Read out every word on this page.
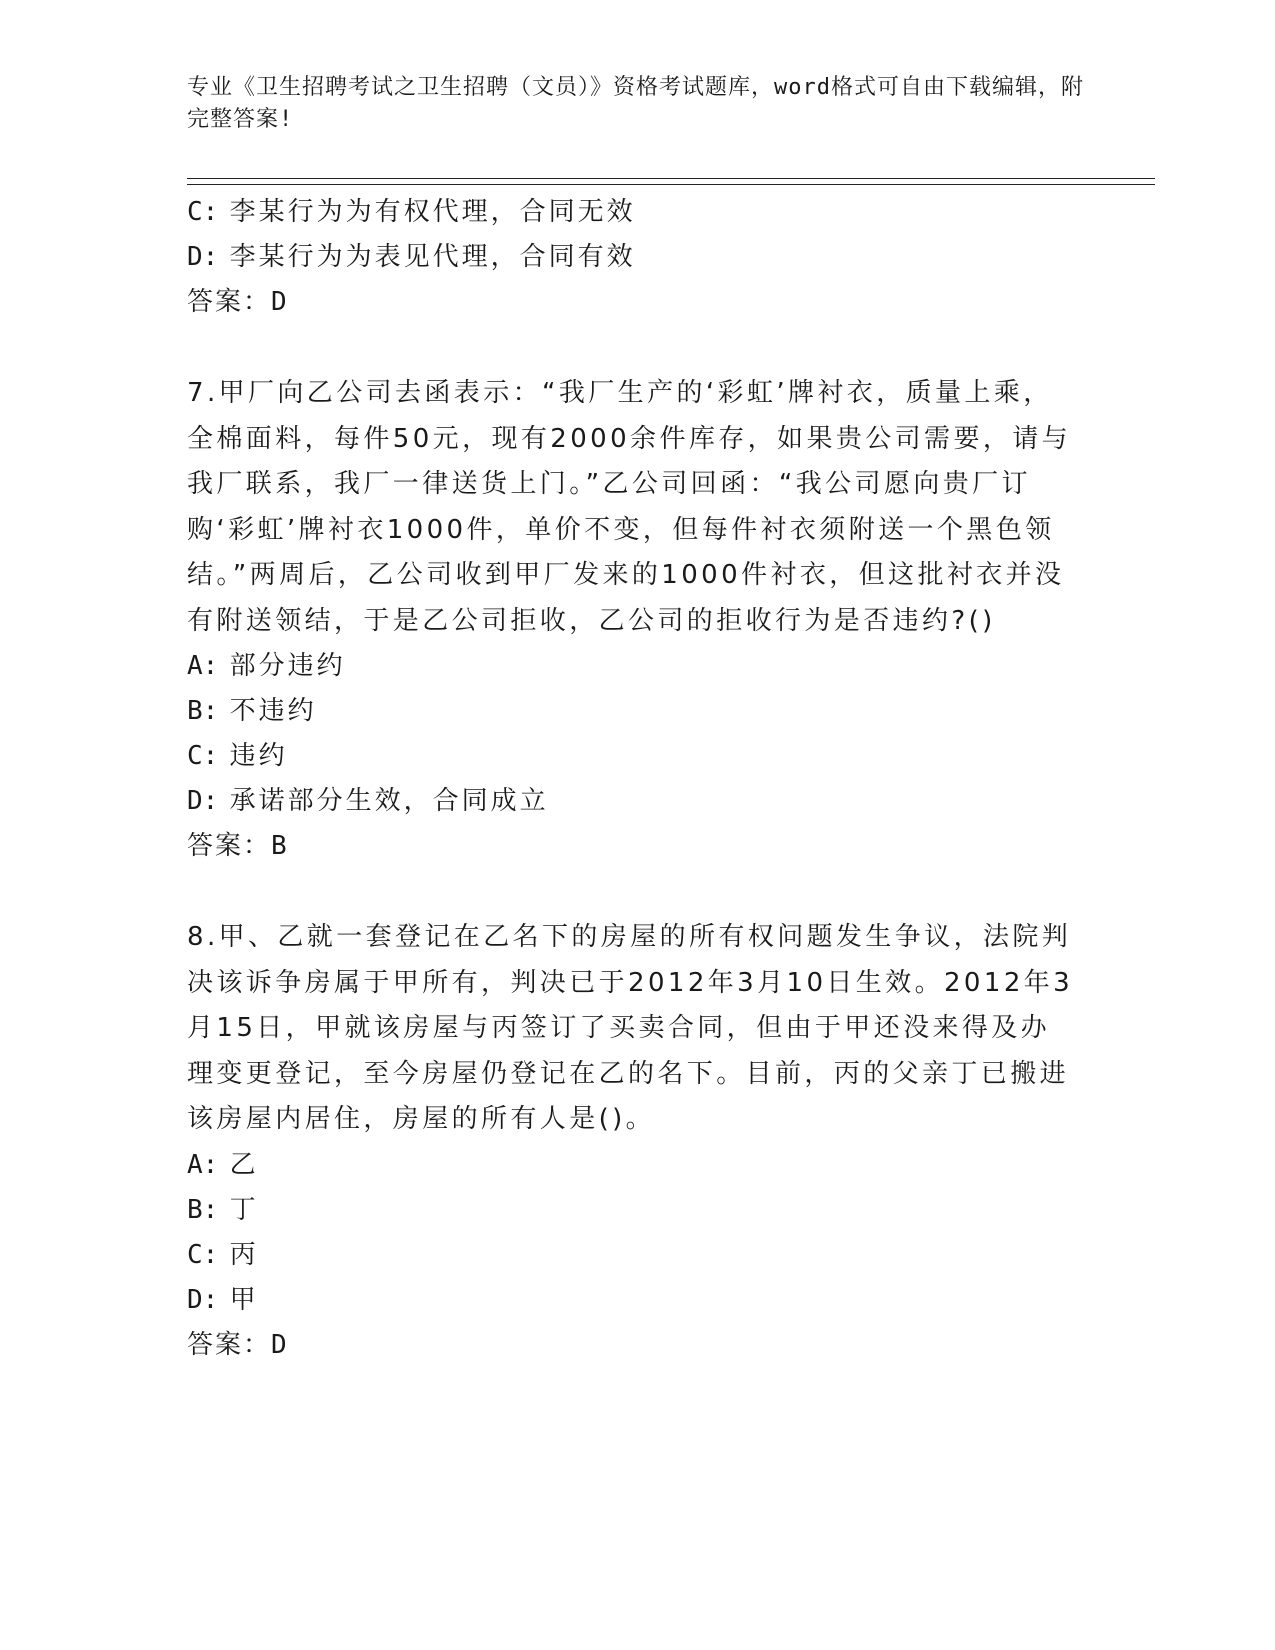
专业《卫生招聘考试之卫生招聘（文员）》资格考试题库，word格式可自由下载编辑，附完整答案!

C: 李某行为为有权代理，合同无效

D: 李某行为为表见代理，合同有效

答案：D

7.甲厂向乙公司去函表示：“我厂生产的‘彩虹’牌衬衣，质量上乘，全棉面料，每件50元，现有2000余件库存，如果贵公司需要，请与我厂联系，我厂一律送货上门。”乙公司回函：“我公司愿向贵厂订购‘彩虹’牌衬衣1000件，单价不变，但每件衬衣须附送一个黑色领结。”两周后，乙公司收到甲厂发来的1000件衬衣，但这批衬衣并没有附送领结，于是乙公司拒收，乙公司的拒收行为是否违约?()

A: 部分违约

B: 不违约

C: 违约

D: 承诺部分生效，合同成立

答案：B

8.甲、乙就一套登记在乙名下的房屋的所有权问题发生争议，法院判决该诉争房属于甲所有，判决已于2012年3月10日生效。2012年3月15日，甲就该房屋与丙签订了买卖合同，但由于甲还没来得及办理变更登记，至今房屋仍登记在乙的名下。目前，丙的父亲丁已搬进该房屋内居住，房屋的所有人是()。

A: 乙

B: 丁

C: 丙

D: 甲

答案：D
